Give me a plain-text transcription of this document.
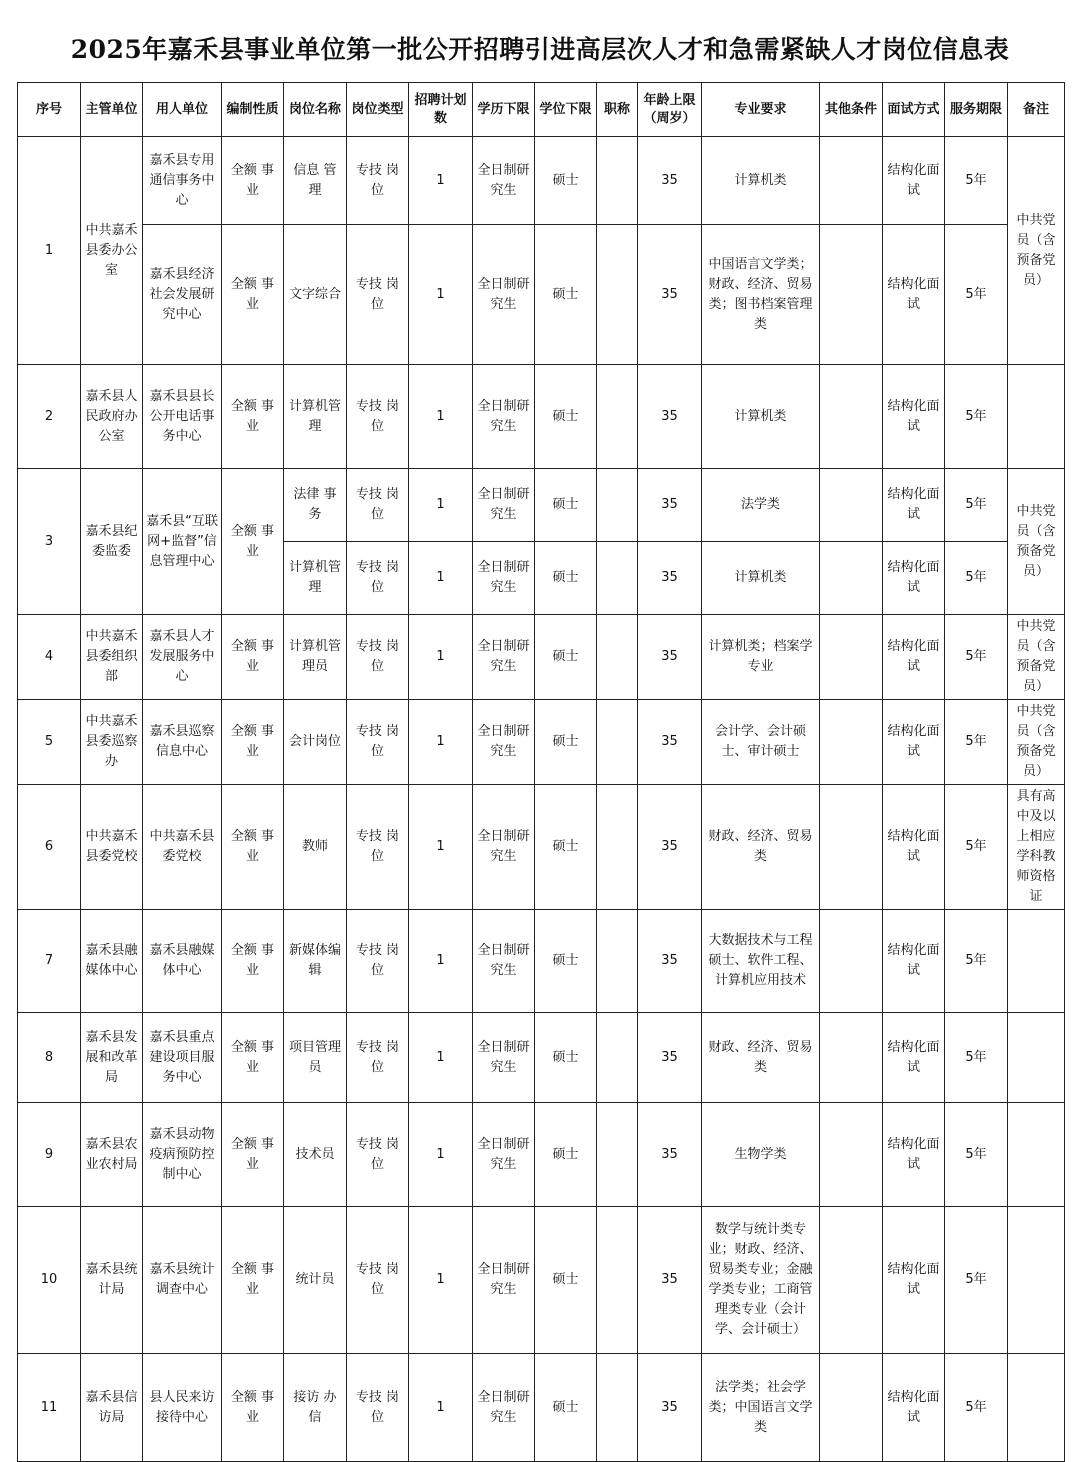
2025年嘉禾县事业单位第一批公开招聘引进高层次人才和急需紧缺人才岗位信息表
序号	主管单位	用人单位	编制性质	岗位名称	岗位类型	招聘计划数	学历下限	学位下限	职称	年龄上限（周岁）	专业要求	其他条件	面试方式	服务期限	备注
1	中共嘉禾县委办公室	嘉禾县专用通信事务中心	全额 事业	信息 管理	专技 岗位	1	全日制研究生	硕士		35	计算机类		结构化面试	5年	中共党员（含预备党员）
		嘉禾县经济社会发展研究中心	全额 事业	文字综合	专技 岗位	1	全日制研究生	硕士		35	中国语言文学类；财政、经济、贸易类；图书档案管理类		结构化面试	5年	
2	嘉禾县人民政府办公室	嘉禾县县长公开电话事务中心	全额 事业	计算机管理	专技 岗位	1	全日制研究生	硕士		35	计算机类		结构化面试	5年	
3	嘉禾县纪委监委	嘉禾县“互联网+监督”信息管理中心	全额 事业	法律 事务	专技 岗位	1	全日制研究生	硕士		35	法学类		结构化面试	5年	中共党员（含预备党员）
				计算机管理	专技 岗位	1	全日制研究生	硕士		35	计算机类		结构化面试	5年	
4	中共嘉禾县委组织部	嘉禾县人才发展服务中心	全额 事业	计算机管理员	专技 岗位	1	全日制研究生	硕士		35	计算机类；档案学专业		结构化面试	5年	中共党员（含预备党员）
5	中共嘉禾县委巡察办	嘉禾县巡察信息中心	全额 事业	会计岗位	专技 岗位	1	全日制研究生	硕士		35	会计学、会计硕士、审计硕士		结构化面试	5年	中共党员（含预备党员）
6	中共嘉禾县委党校	中共嘉禾县委党校	全额 事业	教师	专技 岗位	1	全日制研究生	硕士		35	财政、经济、贸易类		结构化面试	5年	具有高中及以上相应学科教师资格证
7	嘉禾县融媒体中心	嘉禾县融媒体中心	全额 事业	新媒体编辑	专技 岗位	1	全日制研究生	硕士		35	大数据技术与工程硕士、软件工程、计算机应用技术		结构化面试	5年	
8	嘉禾县发展和改革局	嘉禾县重点建设项目服务中心	全额 事业	项目管理员	专技 岗位	1	全日制研究生	硕士		35	财政、经济、贸易类		结构化面试	5年	
9	嘉禾县农业农村局	嘉禾县动物疫病预防控制中心	全额 事业	技术员	专技 岗位	1	全日制研究生	硕士		35	生物学类		结构化面试	5年	
10	嘉禾县统计局	嘉禾县统计调查中心	全额 事业	统计员	专技 岗位	1	全日制研究生	硕士		35	数学与统计类专业；财政、经济、贸易类专业；金融学类专业；工商管理类专业（会计学、会计硕士）		结构化面试	5年	
11	嘉禾县信访局	县人民来访接待中心	全额 事业	接访 办信	专技 岗位	1	全日制研究生	硕士		35	法学类；社会学类；中国语言文学类		结构化面试	5年	
